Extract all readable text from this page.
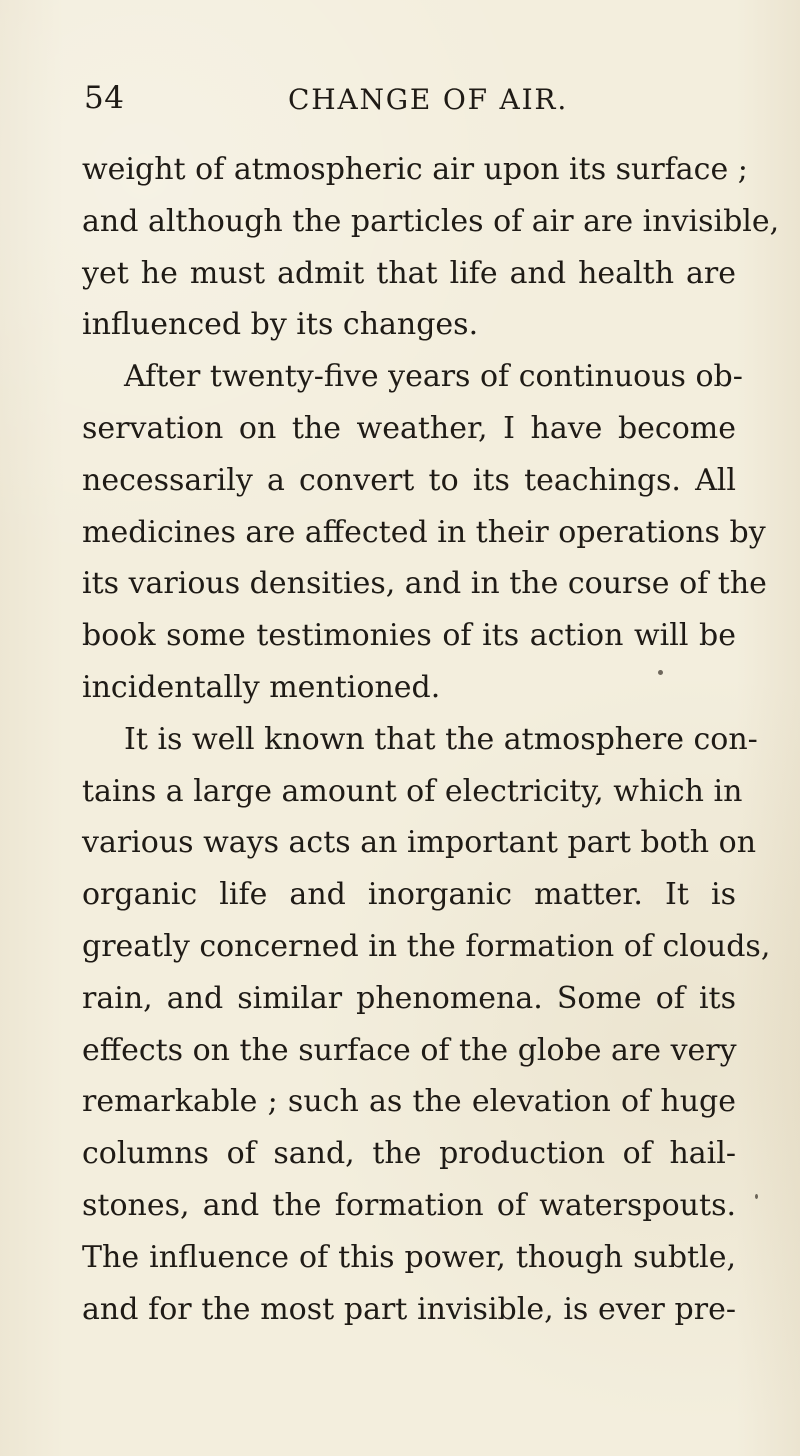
54	CHANGE OF AIR.
weight of atmospheric air upon its surface ;
and although the particles of air are invisible,
yet he must admit that life and health are
influenced by its changes.
After twenty-five years of continuous ob-
servation on the weather, I have become
necessarily a convert to its teachings. All
medicines are affected in their operations by
its various densities, and in the course of the
book some testimonies of its action will be
incidentally mentioned.
It is well known that the atmosphere con-
tains a large amount of electricity, which in
various ways acts an important part both on
organic life and inorganic matter. It is
greatly concerned in the formation of clouds,
rain, and similar phenomena. Some of its
effects on the surface of the globe are very
remarkable ; such as the elevation of huge
columns of sand, the production of hail-
stones, and the formation of waterspouts.
The influence of this power, though subtle,
and for the most part invisible, is ever pre-
